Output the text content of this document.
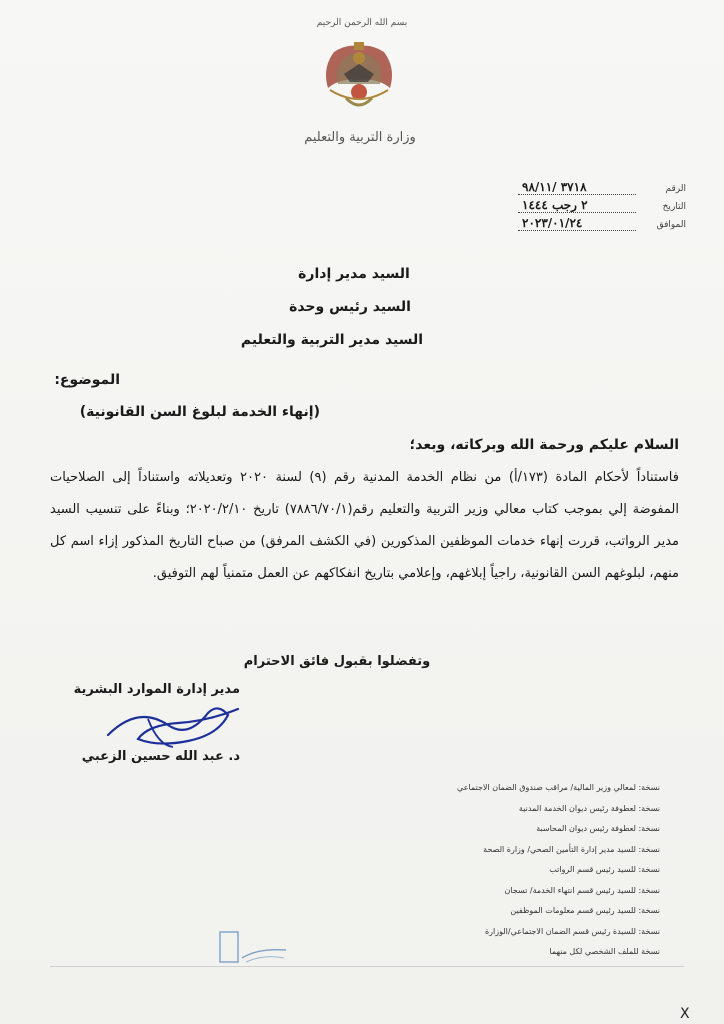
بسم الله الرحمن الرحيم
وزارة التربية والتعليم
الرقم
٣٧١٨ /٩٨/١١
التاريخ
٢ رجب ١٤٤٤
الموافق
٢٠٢٣/٠١/٢٤
السيد مدير إدارة
السيد رئيس وحدة
السيد مدير التربية والتعليم
الموضوع:
(إنهاء الخدمة لبلوغ السن القانونية)
السلام عليكم ورحمة الله وبركاته، وبعد؛
فاستناداً لأحكام المادة (١٧٣/أ) من نظام الخدمة المدنية رقم (٩) لسنة ٢٠٢٠ وتعديلاته واستناداً إلى الصلاحيات المفوضة إلي بموجب كتاب معالي وزير التربية والتعليم رقم(٧٨٨٦/٧٠/١) تاريخ ٢٠٢٠/٢/١٠؛ وبناءً على تنسيب السيد مدير الرواتب، قررت إنهاء خدمات الموظفين المذكورين (في الكشف المرفق) من صباح التاريخ المذكور إزاء اسم كل منهم، لبلوغهم السن القانونية، راجياً إبلاغهم، وإعلامي بتاريخ انفكاكهم عن العمل متمنياً لهم التوفيق.
وتفضلوا بقبول فائق الاحترام
مدير إدارة الموارد البشرية
د. عبد الله حسين الزعبي
نسخة: لمعالي وزير المالية/ مراقب صندوق الضمان الاجتماعي
نسخة: لعطوفة رئيس ديوان الخدمة المدنية
نسخة: لعطوفة رئيس ديوان المحاسبة
نسخة: للسيد مدير إدارة التأمين الصحي/ وزارة الصحة
نسخة: للسيد رئيس قسم الرواتب
نسخة: للسيد رئيس قسم انتهاء الخدمة/ تسجان
نسخة: للسيد رئيس قسم معلومات الموظفين
نسخة: للسيدة رئيس قسم الضمان الاجتماعي/الوزارة
نسخة للملف الشخصي لكل منهما
X
